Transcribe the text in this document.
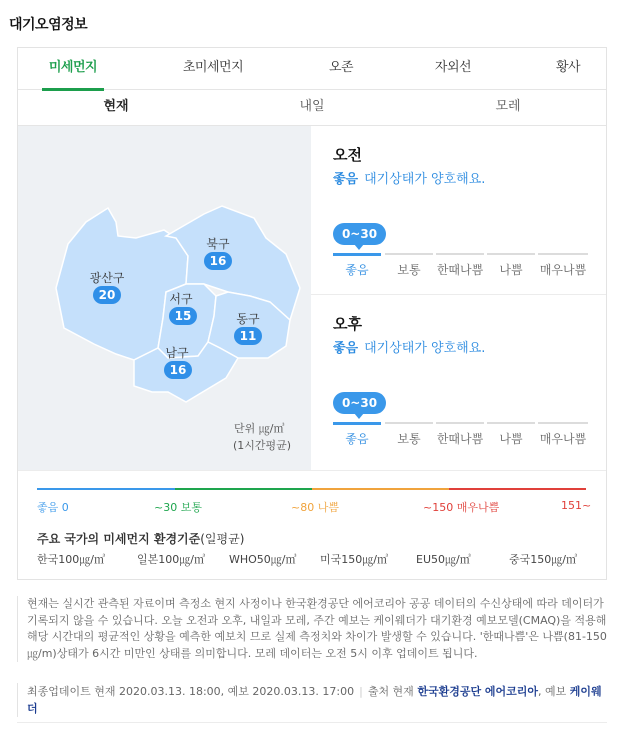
대기오염정보
미세먼지	초미세먼지	오존	자외선	황사
현재	내일	모레
광산구
20
북구
16
서구
15	동구
11
남구
16
단위 ㎍/㎥
(1시간평균)
오전
좋음 대기상태가 양호해요.
0~30
좋음	보통	한때나쁨	나쁨	매우나쁨
오후
좋음 대기상태가 양호해요.
0~30
좋음	보통	한때나쁨	나쁨	매우나쁨
좋음 0	~30 보통	~80 나쁨	~150 매우나쁨	151~
주요 국가의 미세먼지 환경기준(일평균)
한국100㎍/㎥	일본100㎍/㎥ WHO50㎍/㎥ 미국150㎍/㎥	EU50㎍/㎥	중국150㎍/㎥
현재는 실시간 관측된 자료이며 측정소 현지 사정이나 한국환경공단 에어코리아 공공 데이터의 수신상태에 따라 데이터가 기록되지 않을 수 있습니다. 오늘 오전과 오후, 내일과 모레, 주간 예보는 케이웨더가 대기환경 예보모델(CMAQ)을 적용해 해당 시간대의 평균적인 상황을 예측한 예보치 므로 실제 측정치와 차이가 발생할 수 있습니다. '한때나쁨'은 나쁨(81-150㎍/m)상태가 6시간 미만인 상태를 의미합니다. 모레 데이터는 오전 5시 이후 업데이트 됩니다.
최종업데이트 현재 2020.03.13. 18:00, 예보 2020.03.13. 17:00 | 출처 현재 한국환경공단 에어코리아, 예보 케이웨더
